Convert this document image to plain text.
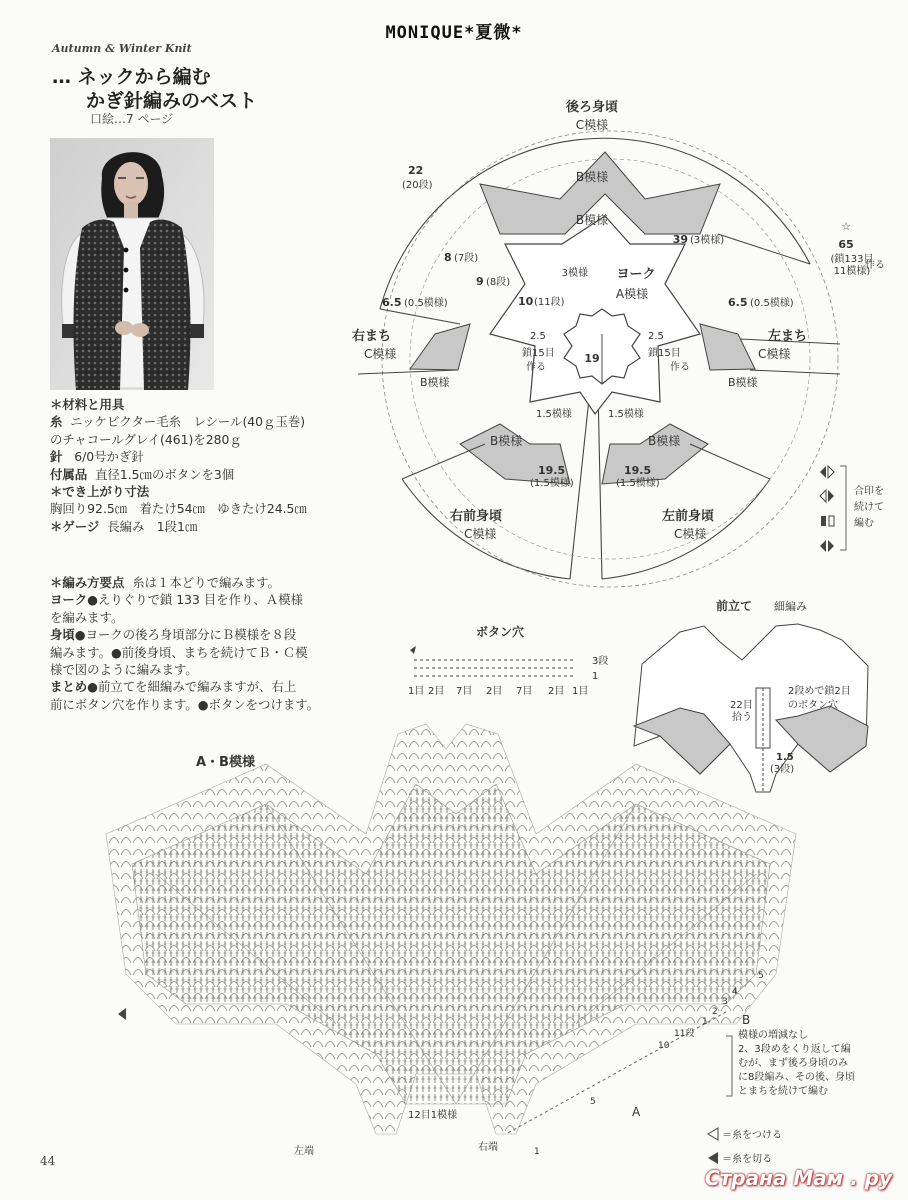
MONIQUE*夏微*
Autumn & Winter Knit
… ネックから編む
かぎ針編みのベスト
口絵…7 ページ
＊材料と用具
糸 ニッケビクター毛糸　レシール(40ｇ玉巻)
のチャコールグレイ(461)を280ｇ
針 6/0号かぎ針
付属品 直径1.5㎝のボタンを3個
＊でき上がり寸法
胸回り92.5㎝　着たけ54㎝　ゆきたけ24.5㎝
＊ゲージ 長編み　1段1㎝
＊編み方要点 糸は１本どりで編みます。
ヨーク●えりぐりで鎖 133 目を作り、Ａ模様
を編みます。
身頃●ヨークの後ろ身頃部分にＢ模様を８段
編みます。●前後身頃、まちを続けてＢ・Ｃ模
様で図のように編みます。
まとめ●前立てを細編みで編みますが、右上
前にボタン穴を作ります。●ボタンをつけます。
後ろ身頃
C模様
B模様
B模様
3模様 ヨーク
A模様
22
(20段)
39 (3模様)
8 (7段)
9 (8段)
10 (11段)
☆
65
(鎖133目
11模様)
作る
6.5 (0.5模様)	6.5 (0.5模様)
右まち
C模様
左まち
C模様
B模様	B模様
2.5
鎖15目
作る
2.5
鎖15目
作る
19
1.5模様	1.5模様
B模様	B模様
19.5
(1.5模様)
19.5
(1.5模様)
右前身頃
C模様
左前身頃
C模様
合印を
続けて
編む
ボタン穴
3段
1
1目 2目 7目 2目 7目 2目 1目
前立て 細編み
2段めで鎖2目
のボタン穴
22目
拾う
1.5
(3段)
A・B模様
B
A
模様の増減なし
2、3段めをくり返して編
むが、まず後ろ身頃のみ
に8段編み、その後、身頃
とまちを続けて編む
12目1模様
左端	右端
5
4
3
2
1
11段
10
5
1
＝糸をつける
＝糸を切る
44
Страна Мам . ру
